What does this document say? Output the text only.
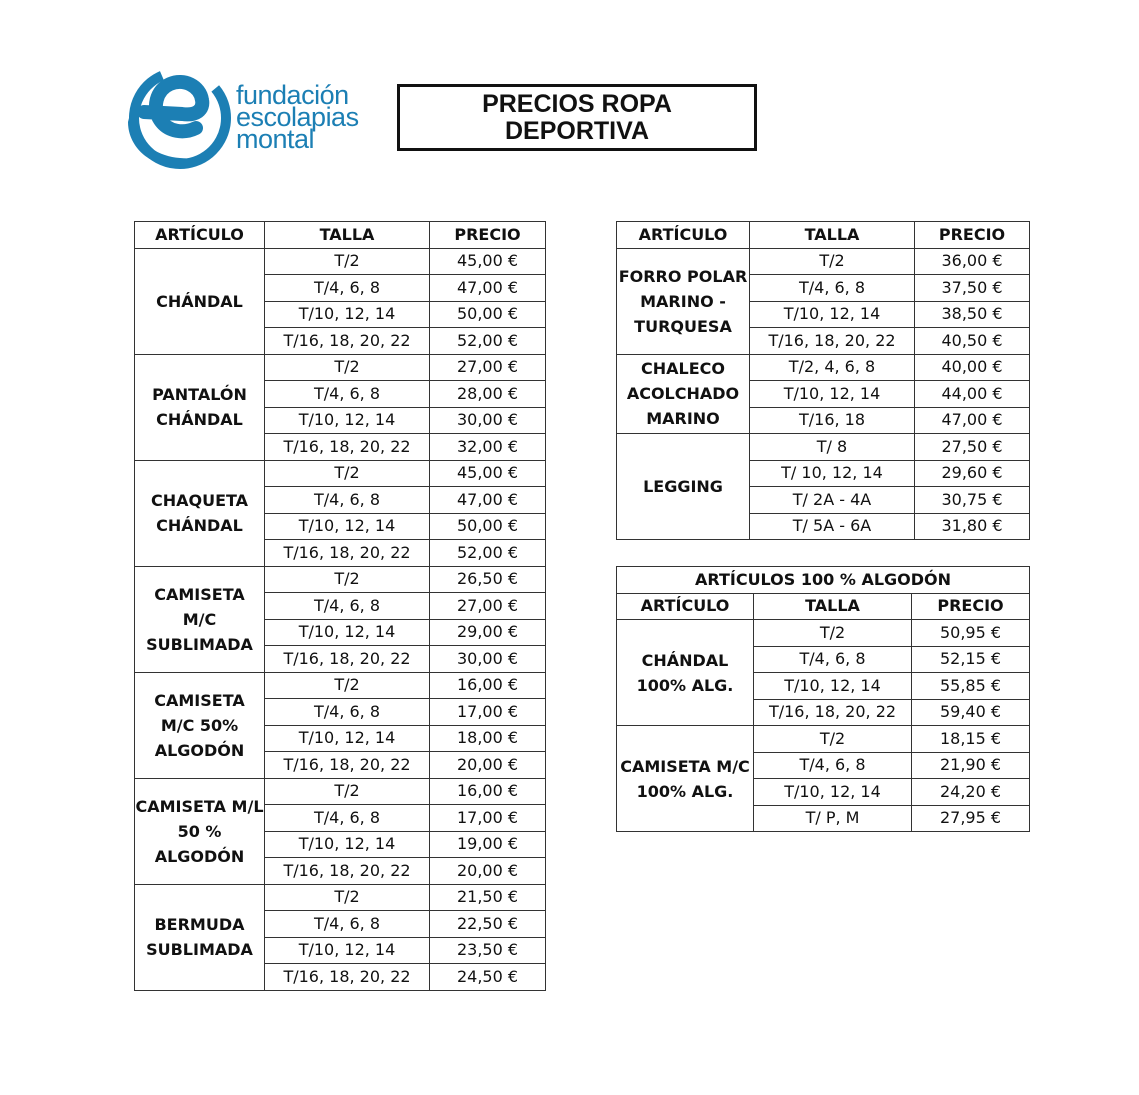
fundación
escolapias
montal
PRECIOS ROPA
DEPORTIVA
ARTÍCULO	TALLA	PRECIO
CHÁNDAL	T/2	45,00 €
	T/4, 6, 8	47,00 €
	T/10, 12, 14	50,00 €
	T/16, 18, 20, 22	52,00 €
PANTALÓN CHÁNDAL	T/2	27,00 €
	T/4, 6, 8	28,00 €
	T/10, 12, 14	30,00 €
	T/16, 18, 20, 22	32,00 €
CHAQUETA CHÁNDAL	T/2	45,00 €
	T/4, 6, 8	47,00 €
	T/10, 12, 14	50,00 €
	T/16, 18, 20, 22	52,00 €
CAMISETA M/C SUBLIMADA	T/2	26,50 €
	T/4, 6, 8	27,00 €
	T/10, 12, 14	29,00 €
	T/16, 18, 20, 22	30,00 €
CAMISETA M/C 50% ALGODÓN	T/2	16,00 €
	T/4, 6, 8	17,00 €
	T/10, 12, 14	18,00 €
	T/16, 18, 20, 22	20,00 €
CAMISETA M/L 50 % ALGODÓN	T/2	16,00 €
	T/4, 6, 8	17,00 €
	T/10, 12, 14	19,00 €
	T/16, 18, 20, 22	20,00 €
BERMUDA SUBLIMADA	T/2	21,50 €
	T/4, 6, 8	22,50 €
	T/10, 12, 14	23,50 €
	T/16, 18, 20, 22	24,50 €
ARTÍCULO	TALLA	PRECIO
FORRO POLAR MARINO - TURQUESA	T/2	36,00 €
	T/4, 6, 8	37,50 €
	T/10, 12, 14	38,50 €
	T/16, 18, 20, 22	40,50 €
CHALECO ACOLCHADO MARINO	T/2, 4, 6, 8	40,00 €
	T/10, 12, 14	44,00 €
	T/16, 18	47,00 €
LEGGING	T/ 8	27,50 €
	T/ 10, 12, 14	29,60 €
	T/ 2A - 4A	30,75 €
	T/ 5A - 6A	31,80 €
ARTÍCULOS 100 % ALGODÓN		
ARTÍCULO	TALLA	PRECIO
CHÁNDAL 100% ALG.	T/2	50,95 €
	T/4, 6, 8	52,15 €
	T/10, 12, 14	55,85 €
	T/16, 18, 20, 22	59,40 €
CAMISETA M/C 100% ALG.	T/2	18,15 €
	T/4, 6, 8	21,90 €
	T/10, 12, 14	24,20 €
	T/ P, M	27,95 €
